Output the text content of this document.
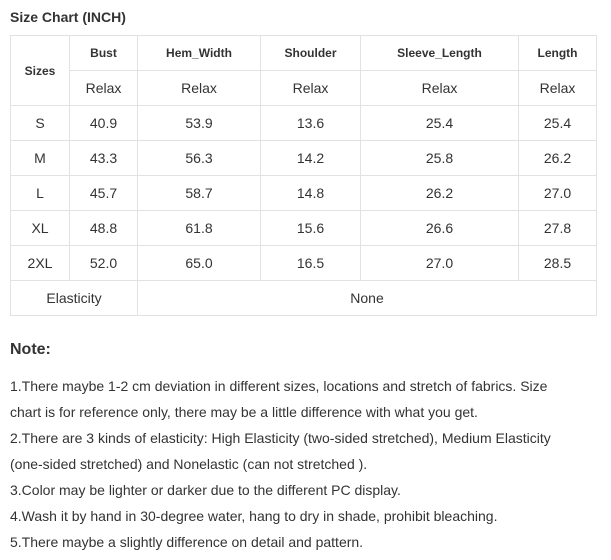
Size Chart (INCH)
Sizes	Bust	Hem_Width	Shoulder	Sleeve_Length	Length
	Relax	Relax	Relax	Relax	Relax
S	40.9	53.9	13.6	25.4	25.4
M	43.3	56.3	14.2	25.8	26.2
L	45.7	58.7	14.8	26.2	27.0
XL	48.8	61.8	15.6	26.6	27.8
2XL	52.0	65.0	16.5	27.0	28.5
Elasticity		None			
Note:
1.There maybe 1-2 cm deviation in different sizes, locations and stretch of fabrics. Size
chart is for reference only, there may be a little difference with what you get.
2.There are 3 kinds of elasticity: High Elasticity (two-sided stretched), Medium Elasticity
(one-sided stretched) and Nonelastic (can not stretched ).
3.Color may be lighter or darker due to the different PC display.
4.Wash it by hand in 30-degree water, hang to dry in shade, prohibit bleaching.
5.There maybe a slightly difference on detail and pattern.
